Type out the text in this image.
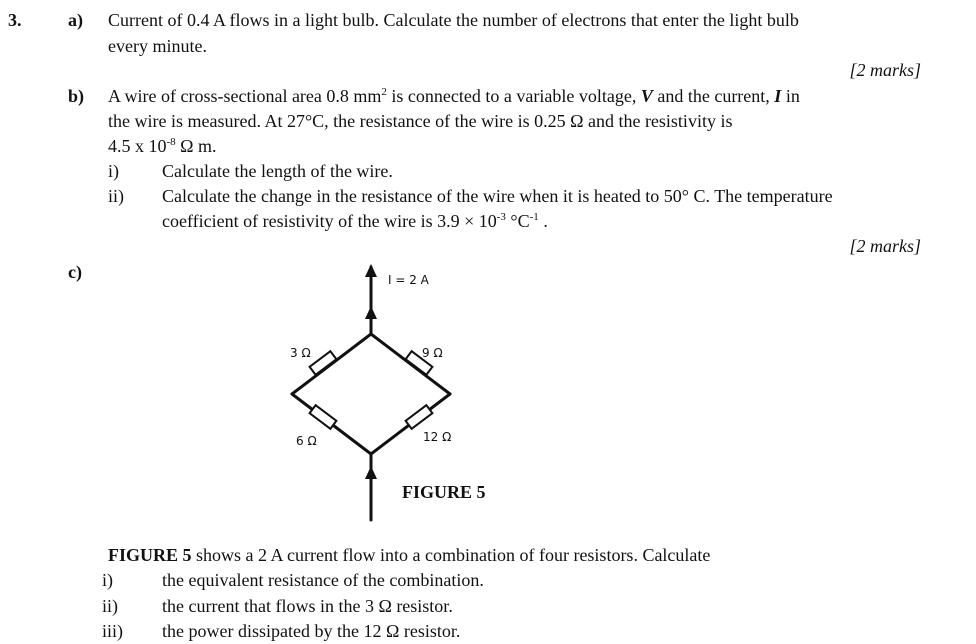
3.	a) Current of 0.4 A flows in a light bulb. Calculate the number of electrons that enter the light bulb
every minute.
[2 marks]
b) A wire of cross-sectional area 0.8 $mm^2$ is connected to a variable voltage, V and the current, I in
the wire is measured. At 27°C, the resistance of the wire is 0.25 Ω and the resistivity is
4.5 x $10^{-8}$ Ω m.
i) Calculate the length of the wire.
ii) Calculate the change in the resistance of the wire when it is heated to 50° C. The temperature
coefficient of resistivity of the wire is $3.9 \times 10^{-3}$ $^\circ C^{-1}$ .
[2 marks]
c)	I = 2 A
3 Ω	9 Ω
6 Ω	12 Ω
FIGURE 5
FIGURE 5 shows a 2 A current flow into a combination of four resistors. Calculate
i)	the equivalent resistance of the combination.
ii) the current that flows in the 3 Ω resistor.
iii) the power dissipated by the 12 Ω resistor.
